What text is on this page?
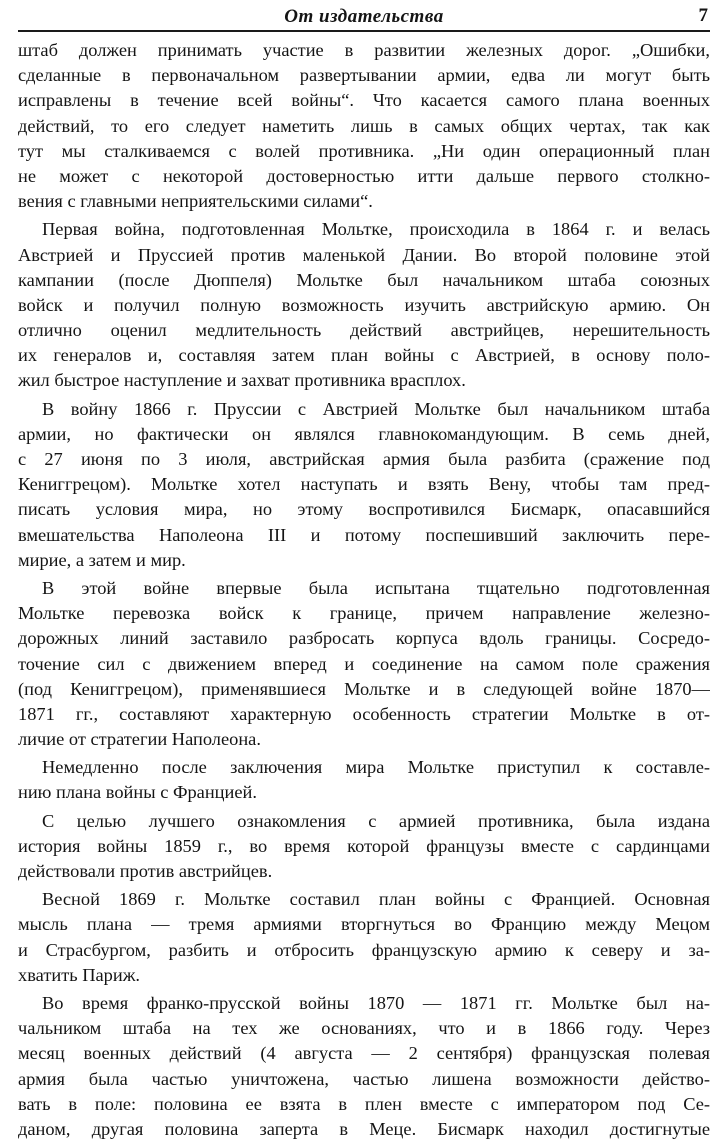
От издательства	7
штаб должен принимать участие в развитии железных дорог. „Ошибки,
сделанные в первоначальном развертывании армии, едва ли могут быть
исправлены в течение всей войны“. Что касается самого плана военных
действий, то его следует наметить лишь в самых общих чертах, так как
тут мы сталкиваемся с волей противника. „Ни один операционный план
не может с некоторой достоверностью итти дальше первого столкно-
вения с главными неприятельскими силами“.
Первая война, подготовленная Мольтке, происходила в 1864 г. и велась
Австрией и Пруссией против маленькой Дании. Во второй половине этой
кампании (после Дюппеля) Мольтке был начальником штаба союзных
войск и получил полную возможность изучить австрийскую армию. Он
отлично оценил медлительность действий австрийцев, нерешительность
их генералов и, составляя затем план войны с Австрией, в основу поло-
жил быстрое наступление и захват противника врасплох.
В войну 1866 г. Пруссии с Австрией Мольтке был начальником штаба
армии, но фактически он являлся главнокомандующим. В семь дней,
с 27 июня по 3 июля, австрийская армия была разбита (сражение под
Кениггрецом). Мольтке хотел наступать и взять Вену, чтобы там пред-
писать условия мира, но этому воспротивился Бисмарк, опасавшийся
вмешательства Наполеона III и потому поспешивший заключить пере-
мирие, а затем и мир.
В этой войне впервые была испытана тщательно подготовленная
Мольтке перевозка войск к границе, причем направление железно-
дорожных линий заставило разбросать корпуса вдоль границы. Сосредо-
точение сил с движением вперед и соединение на самом поле сражения
(под Кениггрецом), применявшиеся Мольтке и в следующей войне 1870—
1871 гг., составляют характерную особенность стратегии Мольтке в от-
личие от стратегии Наполеона.
Немедленно после заключения мира Мольтке приступил к составле-
нию плана войны с Францией.
С целью лучшего ознакомления с армией противника, была издана
история войны 1859 г., во время которой французы вместе с сардинцами
действовали против австрийцев.
Весной 1869 г. Мольтке составил план войны с Францией. Основная
мысль плана — тремя армиями вторгнуться во Францию между Мецом
и Страсбургом, разбить и отбросить французскую армию к северу и за-
хватить Париж.
Во время франко-прусской войны 1870 — 1871 гг. Мольтке был на-
чальником штаба на тех же основаниях, что и в 1866 году. Через
месяц военных действий (4 августа — 2 сентября) французская полевая
армия была частью уничтожена, частью лишена возможности действо-
вать в поле: половина ее взята в плен вместе с императором под Се-
даном, другая половина заперта в Меце. Бисмарк находил достигнутые
